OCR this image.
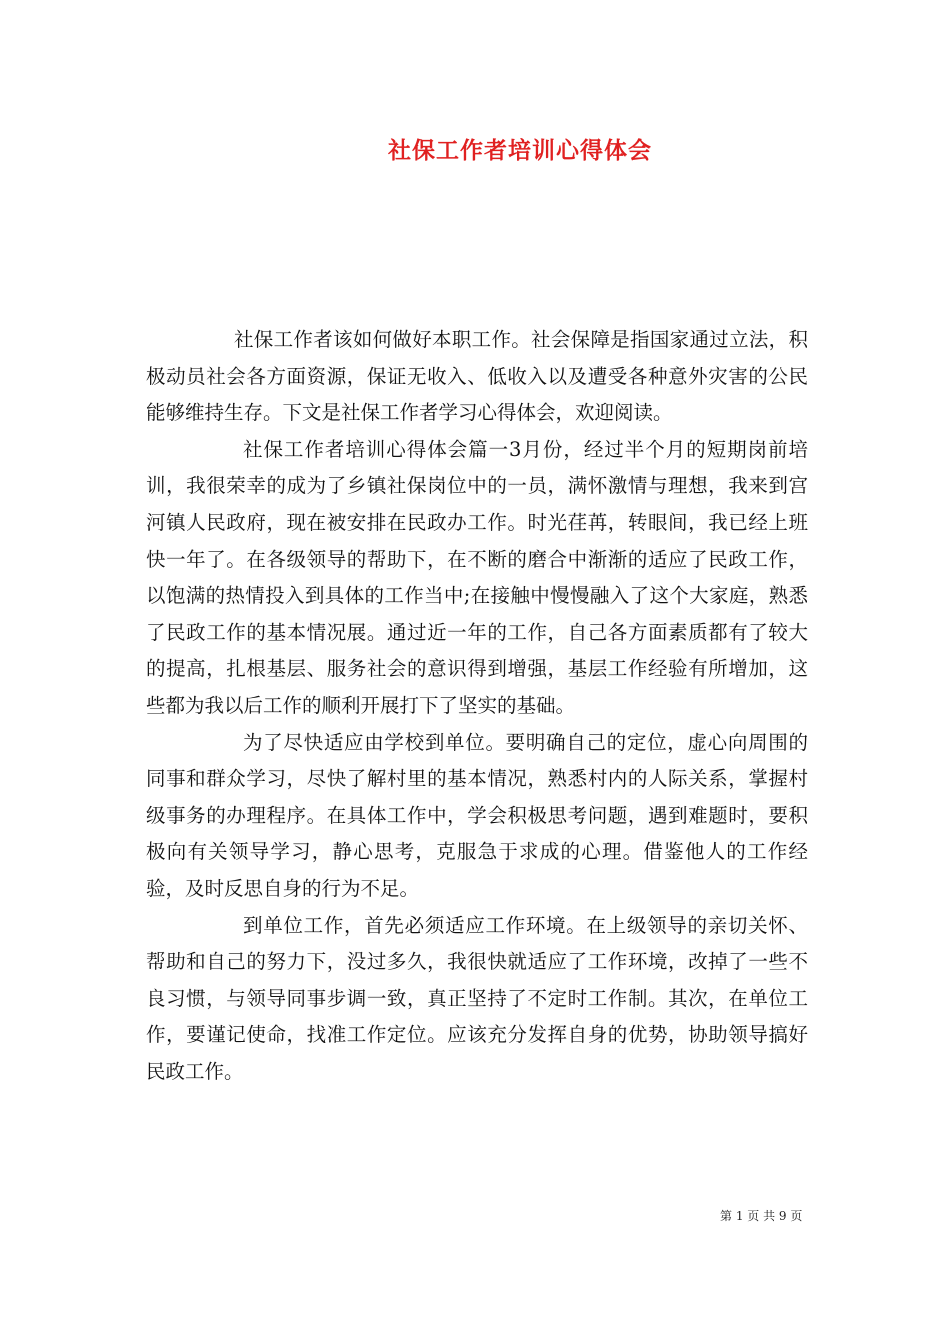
社保工作者培训心得体会

社保工作者该如何做好本职工作。社会保障是指国家通过立法，积极动员社会各方面资源，保证无收入、低收入以及遭受各种意外灾害的公民能够维持生存。下文是社保工作者学习心得体会，欢迎阅读。

社保工作者培训心得体会篇一3月份，经过半个月的短期岗前培训，我很荣幸的成为了乡镇社保岗位中的一员，满怀激情与理想，我来到宫河镇人民政府，现在被安排在民政办工作。时光荏苒，转眼间，我已经上班快一年了。在各级领导的帮助下，在不断的磨合中渐渐的适应了民政工作，以饱满的热情投入到具体的工作当中;在接触中慢慢融入了这个大家庭，熟悉了民政工作的基本情况展。通过近一年的工作，自己各方面素质都有了较大的提高，扎根基层、服务社会的意识得到增强，基层工作经验有所增加，这些都为我以后工作的顺利开展打下了坚实的基础。

为了尽快适应由学校到单位。要明确自己的定位，虚心向周围的同事和群众学习，尽快了解村里的基本情况，熟悉村内的人际关系，掌握村级事务的办理程序。在具体工作中，学会积极思考问题，遇到难题时，要积极向有关领导学习，静心思考，克服急于求成的心理。借鉴他人的工作经验，及时反思自身的行为不足。

到单位工作，首先必须适应工作环境。在上级领导的亲切关怀、帮助和自己的努力下，没过多久，我很快就适应了工作环境，改掉了一些不良习惯，与领导同事步调一致，真正坚持了不定时工作制。其次，在单位工作，要谨记使命，找准工作定位。应该充分发挥自身的优势，协助领导搞好民政工作。

第 1 页 共 9 页
